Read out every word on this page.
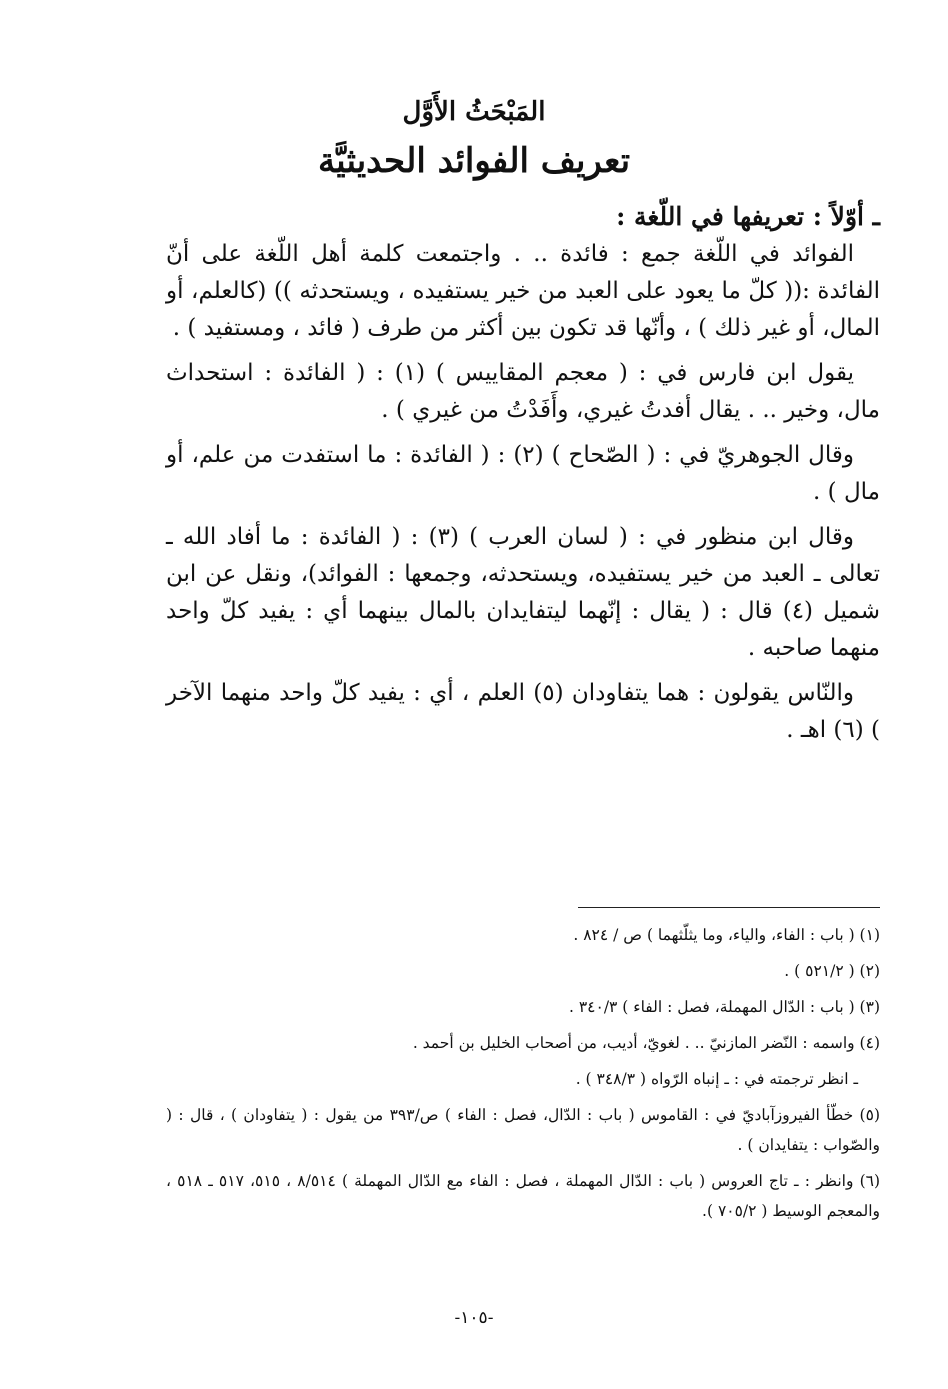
المَبْحَثُ الأَوَّل
تعريف الفوائد الحديثيَّة
ـ أوّلاً : تعريفها في اللّغة :

الفوائد في اللّغة جمع : فائدة .. . واجتمعت كلمة أهل اللّغة على أنّ الفائدة :(( كلّ ما يعود على العبد من خير يستفيده ، ويستحدثه )) (كالعلم، أو المال، أو غير ذلك ) ، وأنّها قد تكون بين أكثر من طرف ( فائد ، ومستفيد ) .

يقول ابن فارس في : ( معجم المقاييس ) (١) : ( الفائدة : استحداث مال، وخير .. . يقال أفدتُ غيري، وأَفَدْتُ من غيري ) .

وقال الجوهريّ في : ( الصّحاح ) (٢) : ( الفائدة : ما استفدت من علم، أو مال ) .

وقال ابن منظور في : ( لسان العرب ) (٣) : ( الفائدة : ما أفاد الله ـ تعالى ـ العبد من خير يستفيده، ويستحدثه، وجمعها : الفوائد)، ونقل عن ابن شميل (٤) قال : ( يقال : إنّهما ليتفايدان بالمال بينهما أي : يفيد كلّ واحد منهما صاحبه .

والنّاس يقولون : هما يتفاودان (٥) العلم ، أي : يفيد كلّ واحد منهما الآخر ) (٦) اهـ .

(١) ( باب : الفاء، والياء، وما يثلّثهما ) ص / ٨٢٤ .
(٢) ( ٥٢١/٢ ) .
(٣) ( باب : الدّال المهملة، فصل : الفاء ) ٣٤٠/٣ .
(٤) واسمه : النّضر المازنيّ .. . لغويّ، أديب، من أصحاب الخليل بن أحمد .
ـ انظر ترجمته في : ـ إنباه الرّواه ( ٣٤٨/٣ ) .
(٥) خطّأ الفيروزآباديّ في : القاموس ( باب : الدّال، فصل : الفاء ) ص/٣٩٣ من يقول : ( يتفاودان ) ، قال : ( والصّواب : يتفايدان ) .
(٦) وانظر : ـ تاج العروس ( باب : الدّال المهملة ، فصل : الفاء مع الدّال المهملة ) ٨/٥١٤ ، ٥١٥، ٥١٧ ـ ٥١٨ ، والمعجم الوسيط ( ٧٠٥/٢ ).
-١٠٥-
